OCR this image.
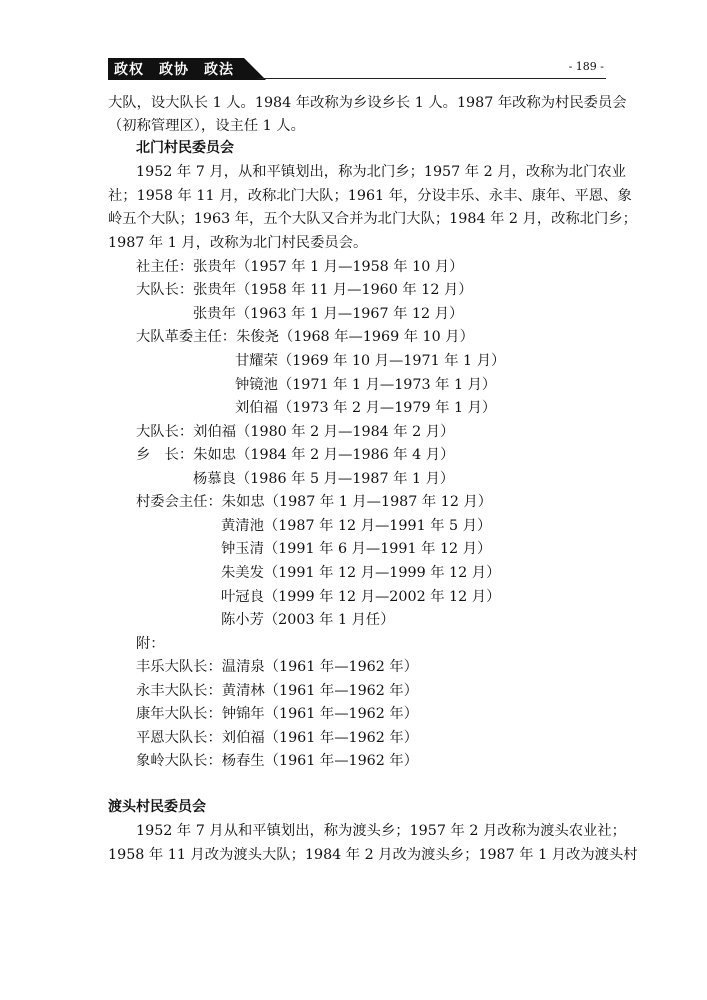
政权　政协　政法	- 189 -
大队，设大队长 1 人。1984 年改称为乡设乡长 1 人。1987 年改称为村民委员会
（初称管理区），设主任 1 人。
北门村民委员会
1952 年 7 月，从和平镇划出，称为北门乡；1957 年 2 月，改称为北门农业
社；1958 年 11 月，改称北门大队；1961 年，分设丰乐、永丰、康年、平恩、象
岭五个大队；1963 年，五个大队又合并为北门大队；1984 年 2 月，改称北门乡；
1987 年 1 月，改称为北门村民委员会。
社主任：张贵年（1957 年 1 月—1958 年 10 月）
大队长：张贵年（1958 年 11 月—1960 年 12 月）
张贵年（1963 年 1 月—1967 年 12 月）
大队革委主任：朱俊尧（1968 年—1969 年 10 月）
甘耀荣（1969 年 10 月—1971 年 1 月）
钟镜池（1971 年 1 月—1973 年 1 月）
刘伯福（1973 年 2 月—1979 年 1 月）
大队长：刘伯福（1980 年 2 月—1984 年 2 月）
乡　长：朱如忠（1984 年 2 月—1986 年 4 月）
杨慕良（1986 年 5 月—1987 年 1 月）
村委会主任：朱如忠（1987 年 1 月—1987 年 12 月）
黄清池（1987 年 12 月—1991 年 5 月）
钟玉清（1991 年 6 月—1991 年 12 月）
朱美发（1991 年 12 月—1999 年 12 月）
叶冠良（1999 年 12 月—2002 年 12 月）
陈小芳（2003 年 1 月任）
附：
丰乐大队长：温清泉（1961 年—1962 年）
永丰大队长：黄清林（1961 年—1962 年）
康年大队长：钟锦年（1961 年—1962 年）
平恩大队长：刘伯福（1961 年—1962 年）
象岭大队长：杨春生（1961 年—1962 年）
渡头村民委员会
1952 年 7 月从和平镇划出，称为渡头乡；1957 年 2 月改称为渡头农业社；
1958 年 11 月改为渡头大队；1984 年 2 月改为渡头乡；1987 年 1 月改为渡头村
